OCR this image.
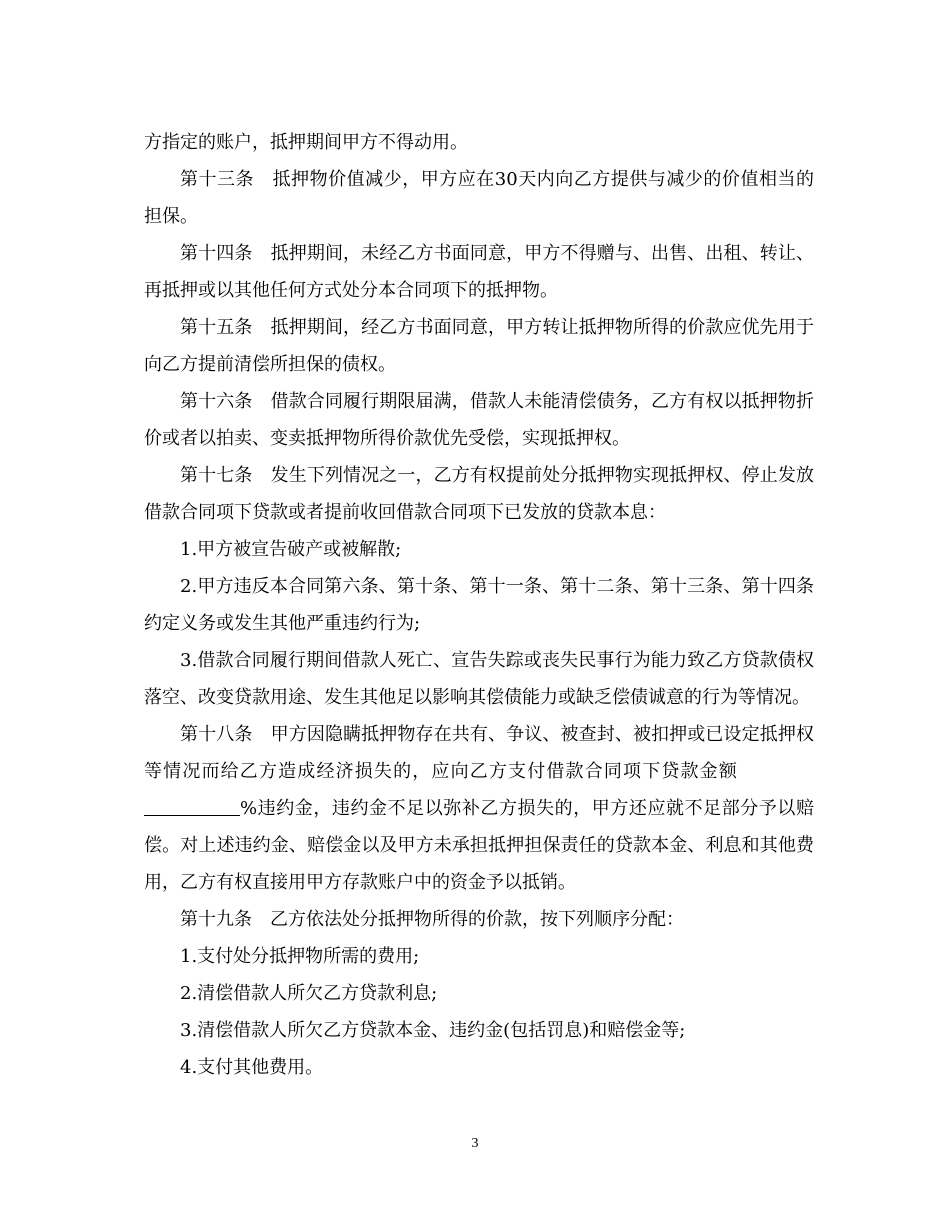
方指定的账户，抵押期间甲方不得动用。

第十三条　抵押物价值减少，甲方应在30天内向乙方提供与减少的价值相当的担保。

第十四条　抵押期间，未经乙方书面同意，甲方不得赠与、出售、出租、转让、再抵押或以其他任何方式处分本合同项下的抵押物。

第十五条　抵押期间，经乙方书面同意，甲方转让抵押物所得的价款应优先用于向乙方提前清偿所担保的债权。

第十六条　借款合同履行期限届满，借款人未能清偿债务，乙方有权以抵押物折价或者以拍卖、变卖抵押物所得价款优先受偿，实现抵押权。

第十七条　发生下列情况之一，乙方有权提前处分抵押物实现抵押权、停止发放借款合同项下贷款或者提前收回借款合同项下已发放的贷款本息：

1.甲方被宣告破产或被解散;

2.甲方违反本合同第六条、第十条、第十一条、第十二条、第十三条、第十四条约定义务或发生其他严重违约行为;

3.借款合同履行期间借款人死亡、宣告失踪或丧失民事行为能力致乙方贷款债权落空、改变贷款用途、发生其他足以影响其偿债能力或缺乏偿债诚意的行为等情况。

第十八条　甲方因隐瞒抵押物存在共有、争议、被查封、被扣押或已设定抵押权等情况而给乙方造成经济损失的，应向乙方支付借款合同项下贷款金额%违约金，违约金不足以弥补乙方损失的，甲方还应就不足部分予以赔偿。对上述违约金、赔偿金以及甲方未承担抵押担保责任的贷款本金、利息和其他费用，乙方有权直接用甲方存款账户中的资金予以抵销。

第十九条　乙方依法处分抵押物所得的价款，按下列顺序分配：

1.支付处分抵押物所需的费用;

2.清偿借款人所欠乙方贷款利息;

3.清偿借款人所欠乙方贷款本金、违约金(包括罚息)和赔偿金等;

4.支付其他费用。

3
